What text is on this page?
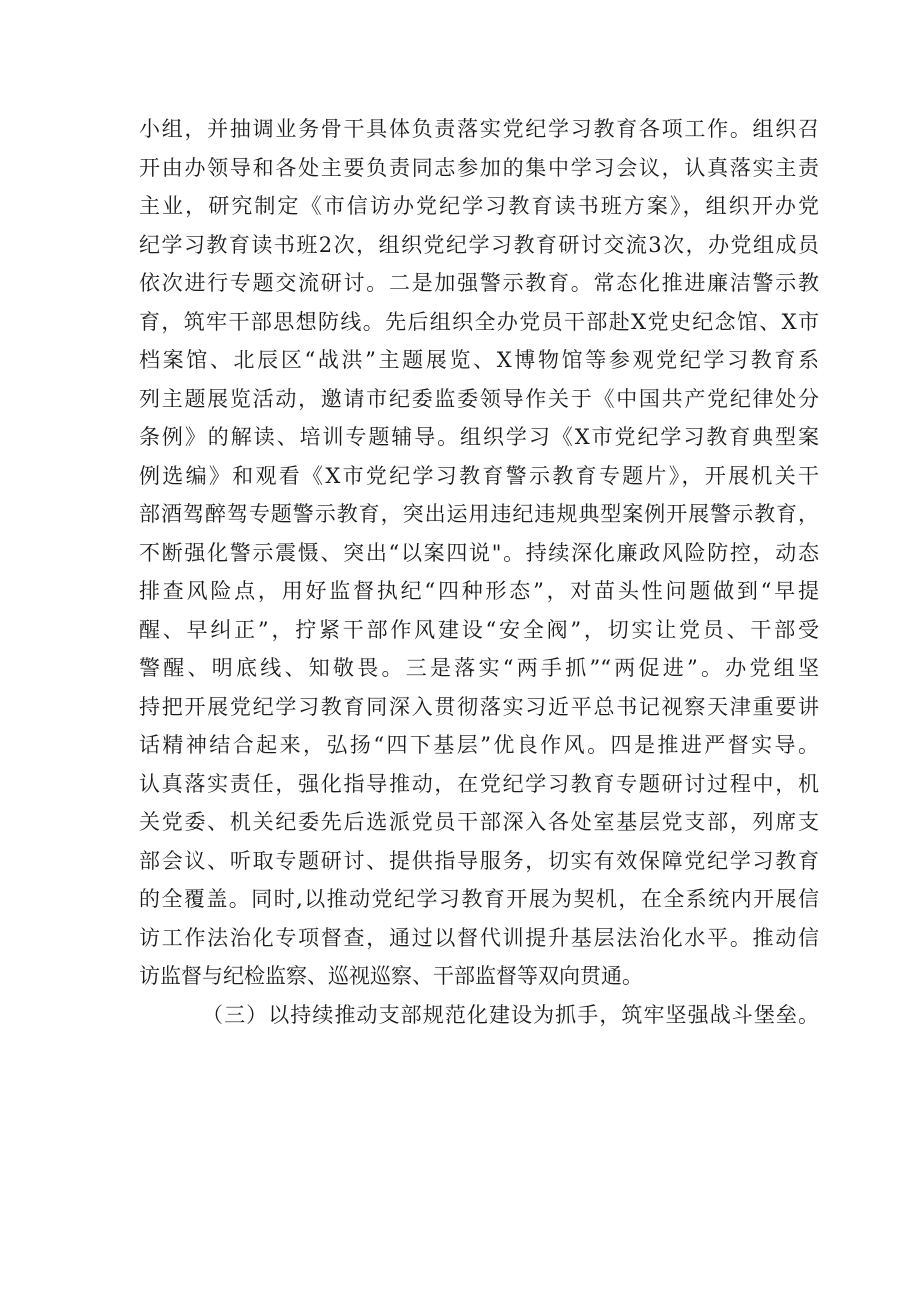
小组，并抽调业务骨干具体负责落实党纪学习教育各项工作。组织召
开由办领导和各处主要负责同志参加的集中学习会议，认真落实主责
主业，研究制定《市信访办党纪学习教育读书班方案》，组织开办党
纪学习教育读书班2次，组织党纪学习教育研讨交流3次，办党组成员
依次进行专题交流研讨。二是加强警示教育。常态化推进廉洁警示教
育，筑牢干部思想防线。先后组织全办党员干部赴X党史纪念馆、X市
档案馆、北辰区“战洪”主题展览、X博物馆等参观党纪学习教育系
列主题展览活动，邀请市纪委监委领导作关于《中国共产党纪律处分
条例》的解读、培训专题辅导。组织学习《X市党纪学习教育典型案
例选编》和观看《X市党纪学习教育警示教育专题片》，开展机关干
部酒驾醉驾专题警示教育，突出运用违纪违规典型案例开展警示教育，
不断强化警示震慑、突出“以案四说"。持续深化廉政风险防控，动态
排查风险点，用好监督执纪“四种形态”，对苗头性问题做到“早提
醒、早纠正”，拧紧干部作风建设“安全阀”，切实让党员、干部受
警醒、明底线、知敬畏。三是落实“两手抓”“两促进”。办党组坚
持把开展党纪学习教育同深入贯彻落实习近平总书记视察天津重要讲
话精神结合起来，弘扬“四下基层”优良作风。四是推进严督实导。
认真落实责任，强化指导推动，在党纪学习教育专题研讨过程中，机
关党委、机关纪委先后选派党员干部深入各处室基层党支部，列席支
部会议、听取专题研讨、提供指导服务，切实有效保障党纪学习教育
的全覆盖。同时,以推动党纪学习教育开展为契机，在全系统内开展信
访工作法治化专项督查，通过以督代训提升基层法治化水平。推动信
访监督与纪检监察、巡视巡察、干部监督等双向贯通。
（三）以持续推动支部规范化建设为抓手，筑牢坚强战斗堡垒。
